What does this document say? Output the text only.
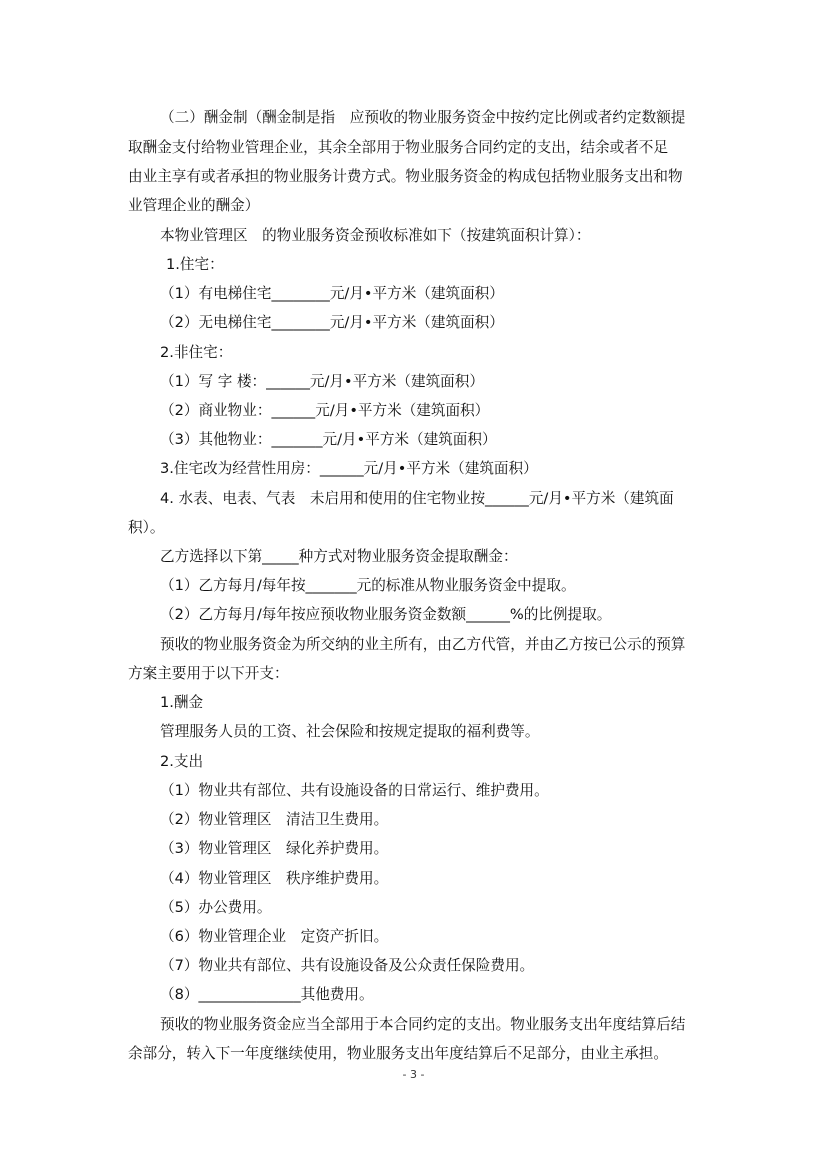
（二）酬金制（酬金制是指　应预收的物业服务资金中按约定比例或者约定数额提
取酬金支付给物业管理企业，其余全部用于物业服务合同约定的支出，结余或者不足
由业主享有或者承担的物业服务计费方式。物业服务资金的构成包括物业服务支出和物
业管理企业的酬金）
本物业管理区　的物业服务资金预收标准如下（按建筑面积计算）：
1.住宅：
（1）有电梯住宅________元/月•平方米（建筑面积）
（2）无电梯住宅________元/月•平方米（建筑面积）
2.非住宅：
（1）写 字 楼：______元/月•平方米（建筑面积）
（2）商业物业：______元/月•平方米（建筑面积）
（3）其他物业：_______元/月•平方米（建筑面积）
3.住宅改为经营性用房：______元/月•平方米（建筑面积）
4. 水表、电表、气表　未启用和使用的住宅物业按______元/月•平方米（建筑面
积）。
乙方选择以下第_____种方式对物业服务资金提取酬金：
（1）乙方每月/每年按_______元的标准从物业服务资金中提取。
（2）乙方每月/每年按应预收物业服务资金数额______%的比例提取。
预收的物业服务资金为所交纳的业主所有，由乙方代管，并由乙方按已公示的预算
方案主要用于以下开支：
1.酬金
管理服务人员的工资、社会保险和按规定提取的福利费等。
2.支出
（1）物业共有部位、共有设施设备的日常运行、维护费用。
（2）物业管理区　清洁卫生费用。
（3）物业管理区　绿化养护费用。
（4）物业管理区　秩序维护费用。
（5）办公费用。
（6）物业管理企业　定资产折旧。
（7）物业共有部位、共有设施设备及公众责任保险费用。
（8）______________其他费用。
预收的物业服务资金应当全部用于本合同约定的支出。物业服务支出年度结算后结
余部分，转入下一年度继续使用，物业服务支出年度结算后不足部分，由业主承担。
- 3 -
